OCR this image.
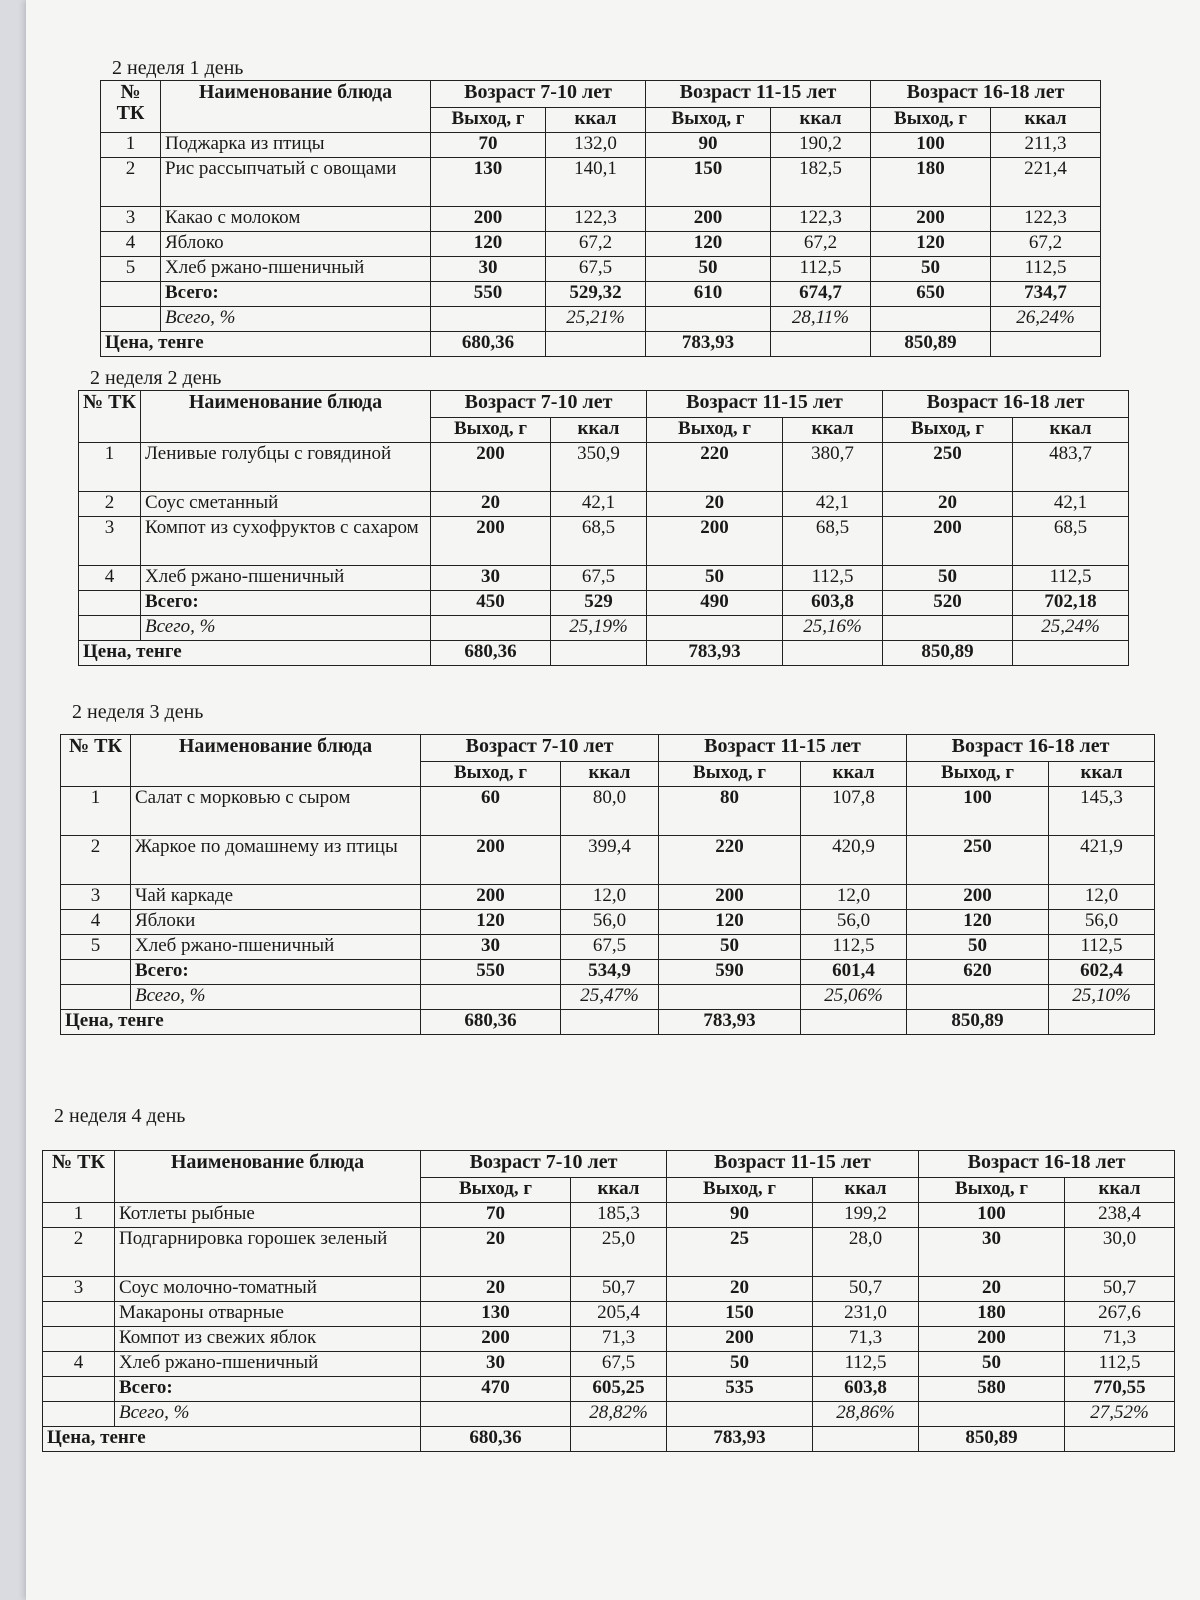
2 неделя 1 день
№ ТК	Наименование блюда	Возраст 7-10 лет		Возраст 11-15 лет		Возраст 16-18 лет	
		Выход, г	ккал	Выход, г	ккал	Выход, г	ккал
1	Поджарка из птицы	70	132,0	90	190,2	100	211,3
2	Рис рассыпчатый с овощами	130	140,1	150	182,5	180	221,4
3	Какао с молоком	200	122,3	200	122,3	200	122,3
4	Яблоко	120	67,2	120	67,2	120	67,2
5	Хлеб ржано-пшеничный	30	67,5	50	112,5	50	112,5
	Всего:	550	529,32	610	674,7	650	734,7
	Всего, %		25,21%		28,11%		26,24%
Цена, тенге		680,36		783,93		850,89	
2 неделя 2 день
№ ТК	Наименование блюда	Возраст 7-10 лет		Возраст 11-15 лет		Возраст 16-18 лет	
		Выход, г	ккал	Выход, г	ккал	Выход, г	ккал
1	Ленивые голубцы с говядиной	200	350,9	220	380,7	250	483,7
2	Соус сметанный	20	42,1	20	42,1	20	42,1
3	Компот из сухофруктов с сахаром	200	68,5	200	68,5	200	68,5
4	Хлеб ржано-пшеничный	30	67,5	50	112,5	50	112,5
	Всего:	450	529	490	603,8	520	702,18
	Всего, %		25,19%		25,16%		25,24%
Цена, тенге		680,36		783,93		850,89	
2 неделя 3 день
№ ТК	Наименование блюда	Возраст 7-10 лет		Возраст 11-15 лет		Возраст 16-18 лет	
		Выход, г	ккал	Выход, г	ккал	Выход, г	ккал
1	Салат с морковью с сыром	60	80,0	80	107,8	100	145,3
2	Жаркое по домашнему из птицы	200	399,4	220	420,9	250	421,9
3	Чай каркаде	200	12,0	200	12,0	200	12,0
4	Яблоки	120	56,0	120	56,0	120	56,0
5	Хлеб ржано-пшеничный	30	67,5	50	112,5	50	112,5
	Всего:	550	534,9	590	601,4	620	602,4
	Всего, %		25,47%		25,06%		25,10%
Цена, тенге		680,36		783,93		850,89	
2 неделя 4 день
№ ТК	Наименование блюда	Возраст 7-10 лет		Возраст 11-15 лет		Возраст 16-18 лет	
		Выход, г	ккал	Выход, г	ккал	Выход, г	ккал
1	Котлеты рыбные	70	185,3	90	199,2	100	238,4
2	Подгарнировка горошек зеленый	20	25,0	25	28,0	30	30,0
3	Соус молочно-томатный	20	50,7	20	50,7	20	50,7
	Макароны отварные	130	205,4	150	231,0	180	267,6
	Компот из свежих яблок	200	71,3	200	71,3	200	71,3
4	Хлеб ржано-пшеничный	30	67,5	50	112,5	50	112,5
	Всего:	470	605,25	535	603,8	580	770,55
	Всего, %		28,82%		28,86%		27,52%
Цена, тенге		680,36		783,93		850,89	
